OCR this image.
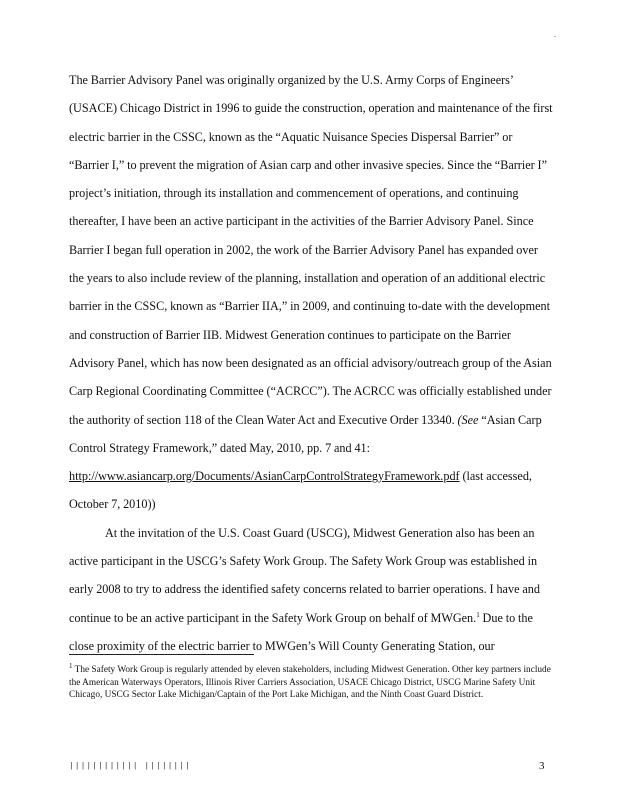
.

The Barrier Advisory Panel was originally organized by the U.S. Army Corps of Engineers’ (USACE) Chicago District in 1996 to guide the construction, operation and maintenance of the first electric barrier in the CSSC, known as the “Aquatic Nuisance Species Dispersal Barrier” or “Barrier I,” to prevent the migration of Asian carp and other invasive species. Since the “Barrier I” project’s initiation, through its installation and commencement of operations, and continuing thereafter, I have been an active participant in the activities of the Barrier Advisory Panel. Since Barrier I began full operation in 2002, the work of the Barrier Advisory Panel has expanded over the years to also include review of the planning, installation and operation of an additional electric barrier in the CSSC, known as “Barrier IIA,” in 2009, and continuing to-date with the development and construction of Barrier IIB. Midwest Generation continues to participate on the Barrier Advisory Panel, which has now been designated as an official advisory/outreach group of the Asian Carp Regional Coordinating Committee (“ACRCC”). The ACRCC was officially established under the authority of section 118 of the Clean Water Act and Executive Order 13340. (See “Asian Carp Control Strategy Framework,” dated May, 2010, pp. 7 and 41: http://www.asiancarp.org/Documents/AsianCarpControlStrategyFramework.pdf (last accessed, October 7, 2010))

At the invitation of the U.S. Coast Guard (USCG), Midwest Generation also has been an active participant in the USCG’s Safety Work Group. The Safety Work Group was established in early 2008 to try to address the identified safety concerns related to barrier operations. I have and continue to be an active participant in the Safety Work Group on behalf of MWGen.$^1$ Due to the close proximity of the electric barrier to MWGen’s Will County Generating Station, our

$^1$ The Safety Work Group is regularly attended by eleven stakeholders, including Midwest Generation. Other key partners include the American Waterways Operators, Illinois River Carriers Association, USACE Chicago District, USCG Marine Safety Unit Chicago, USCG Sector Lake Michigan/Captain of the Port Lake Michigan, and the Ninth Coast Guard District.
|||||||||||| ||||||||	3
